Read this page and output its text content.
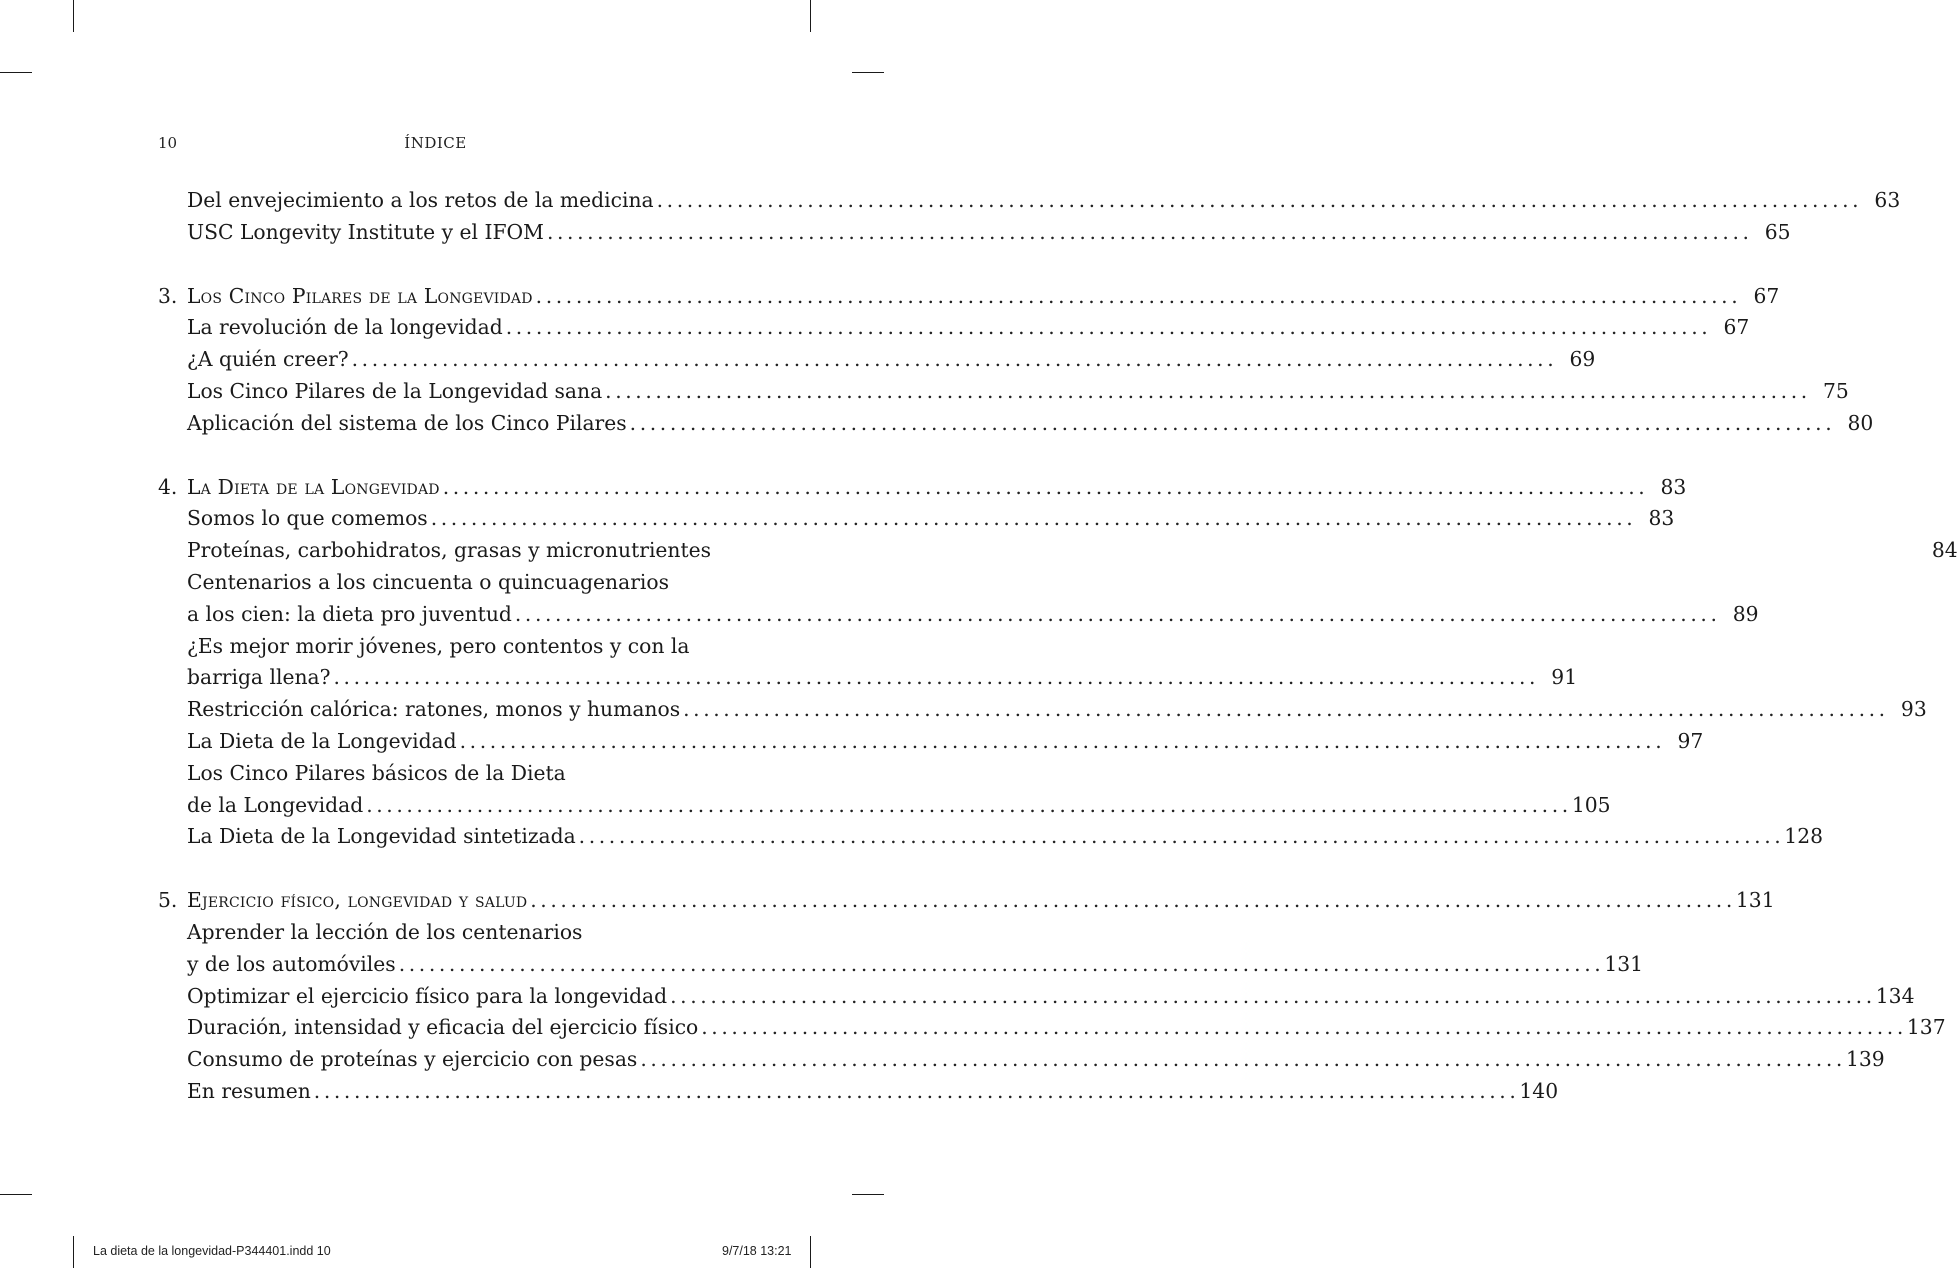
10	ÍNDICE
Del envejecimiento a los retos de la medicina ........................................................................................................................ 63
USC Longevity Institute y el IFOM ........................................................................................................................ 65
3. Los Cinco Pilares de la Longevidad ........................................................................................................................ 67
La revolución de la longevidad ........................................................................................................................ 67
¿A quién creer? ........................................................................................................................ 69
Los Cinco Pilares de la Longevidad sana ........................................................................................................................ 75
Aplicación del sistema de los Cinco Pilares ........................................................................................................................ 80
4. La Dieta de la Longevidad ........................................................................................................................ 83
Somos lo que comemos ........................................................................................................................ 83
Proteínas, carbohidratos, grasas y micronutrientes	84
Centenarios a los cincuenta o quincuagenarios
a los cien: la dieta pro juventud ........................................................................................................................ 89
¿Es mejor morir jóvenes, pero contentos y con la
barriga llena? ........................................................................................................................ 91
Restricción calórica: ratones, monos y humanos ........................................................................................................................ 93
La Dieta de la Longevidad ........................................................................................................................ 97
Los Cinco Pilares básicos de la Dieta
de la Longevidad ........................................................................................................................ 105
La Dieta de la Longevidad sintetizada ........................................................................................................................ 128
5. Ejercicio físico, longevidad y salud ........................................................................................................................ 131
Aprender la lección de los centenarios
y de los automóviles ........................................................................................................................ 131
Optimizar el ejercicio físico para la longevidad ........................................................................................................................ 134
Duración, intensidad y eficacia del ejercicio físico ........................................................................................................................ 137
Consumo de proteínas y ejercicio con pesas ........................................................................................................................ 139
En resumen ........................................................................................................................ 140
La dieta de la longevidad-P344401.indd 10	9/7/18 13:21
